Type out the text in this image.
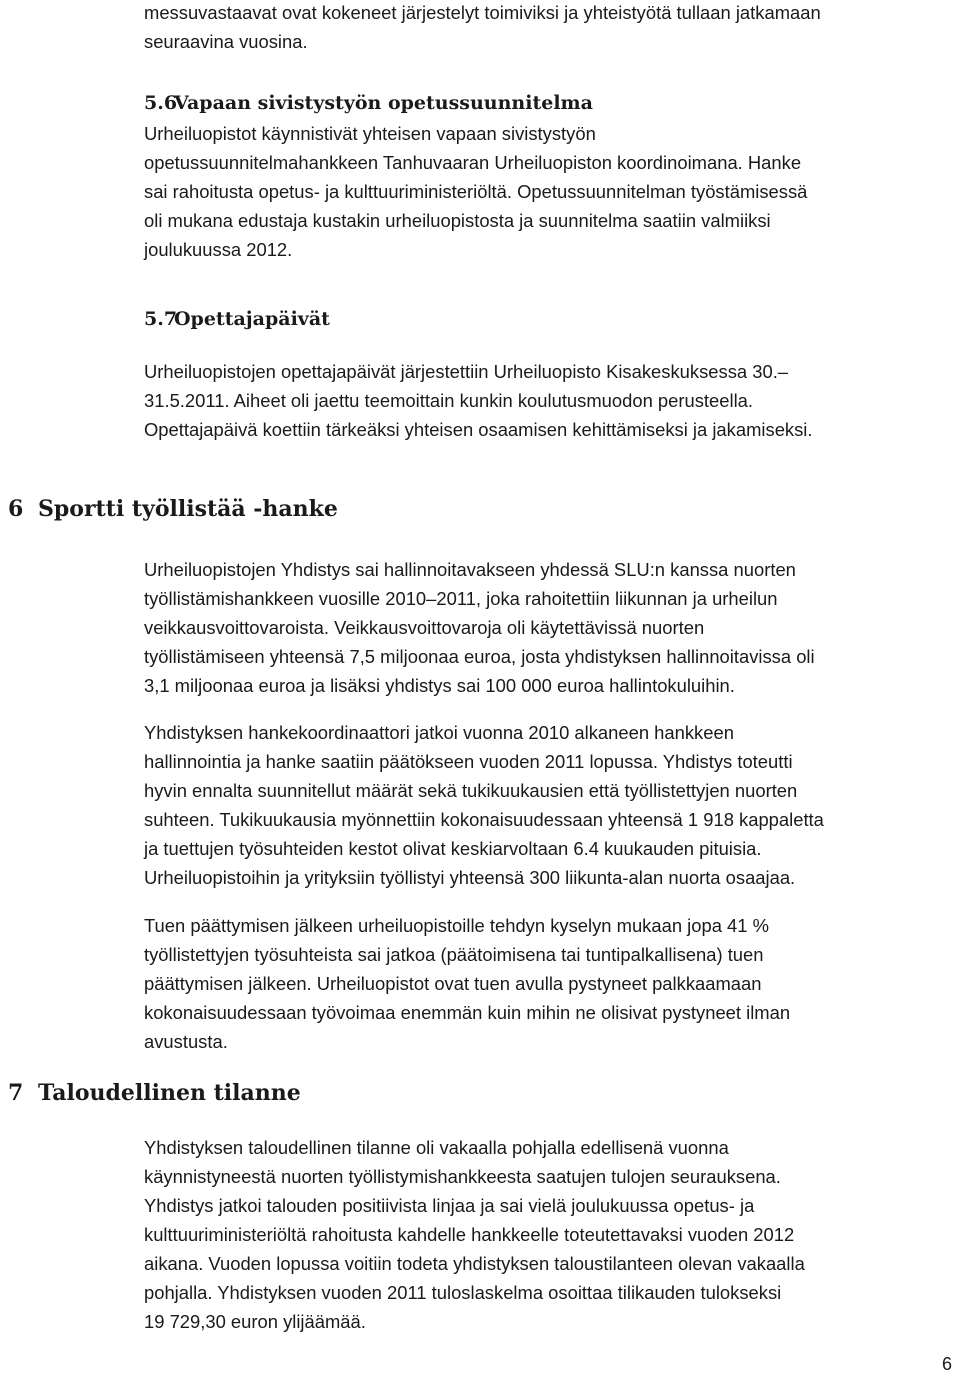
messuvastaavat ovat kokeneet järjestelyt toimiviksi ja yhteistyötä tullaan jatkamaan
seuraavina vuosina.

5.6Vapaan sivistystyön opetussuunnitelma

Urheiluopistot käynnistivät yhteisen vapaan sivistystyön
opetussuunnitelmahankkeen Tanhuvaaran Urheiluopiston koordinoimana. Hanke
sai rahoitusta opetus- ja kulttuuriministeriöltä. Opetussuunnitelman työstämisessä
oli mukana edustaja kustakin urheiluopistosta ja suunnitelma saatiin valmiiksi
joulukuussa 2012.

5.7Opettajapäivät

Urheiluopistojen opettajapäivät järjestettiin Urheiluopisto Kisakeskuksessa 30.–
31.5.2011. Aiheet oli jaettu teemoittain kunkin koulutusmuodon perusteella.
Opettajapäivä koettiin tärkeäksi yhteisen osaamisen kehittämiseksi ja jakamiseksi.

6 Sportti työllistää -hanke

Urheiluopistojen Yhdistys sai hallinnoitavakseen yhdessä SLU:n kanssa nuorten
työllistämishankkeen vuosille 2010–2011, joka rahoitettiin liikunnan ja urheilun
veikkausvoittovaroista. Veikkausvoittovaroja oli käytettävissä nuorten
työllistämiseen yhteensä 7,5 miljoonaa euroa, josta yhdistyksen hallinnoitavissa oli
3,1 miljoonaa euroa ja lisäksi yhdistys sai 100 000 euroa hallintokuluihin.

Yhdistyksen hankekoordinaattori jatkoi vuonna 2010 alkaneen hankkeen
hallinnointia ja hanke saatiin päätökseen vuoden 2011 lopussa. Yhdistys toteutti
hyvin ennalta suunnitellut määrät sekä tukikuukausien että työllistettyjen nuorten
suhteen. Tukikuukausia myönnettiin kokonaisuudessaan yhteensä 1 918 kappaletta
ja tuettujen työsuhteiden kestot olivat keskiarvoltaan 6.4 kuukauden pituisia.
Urheiluopistoihin ja yrityksiin työllistyi yhteensä 300 liikunta-alan nuorta osaajaa.

Tuen päättymisen jälkeen urheiluopistoille tehdyn kyselyn mukaan jopa 41 %
työllistettyjen työsuhteista sai jatkoa (päätoimisena tai tuntipalkallisena) tuen
päättymisen jälkeen. Urheiluopistot ovat tuen avulla pystyneet palkkaamaan
kokonaisuudessaan työvoimaa enemmän kuin mihin ne olisivat pystyneet ilman
avustusta.

7 Taloudellinen tilanne

Yhdistyksen taloudellinen tilanne oli vakaalla pohjalla edellisenä vuonna
käynnistyneestä nuorten työllistymishankkeesta saatujen tulojen seurauksena.
Yhdistys jatkoi talouden positiivista linjaa ja sai vielä joulukuussa opetus- ja
kulttuuriministeriöltä rahoitusta kahdelle hankkeelle toteutettavaksi vuoden 2012
aikana. Vuoden lopussa voitiin todeta yhdistyksen taloustilanteen olevan vakaalla
pohjalla. Yhdistyksen vuoden 2011 tuloslaskelma osoittaa tilikauden tulokseksi
19 729,30 euron ylijäämää.

6
